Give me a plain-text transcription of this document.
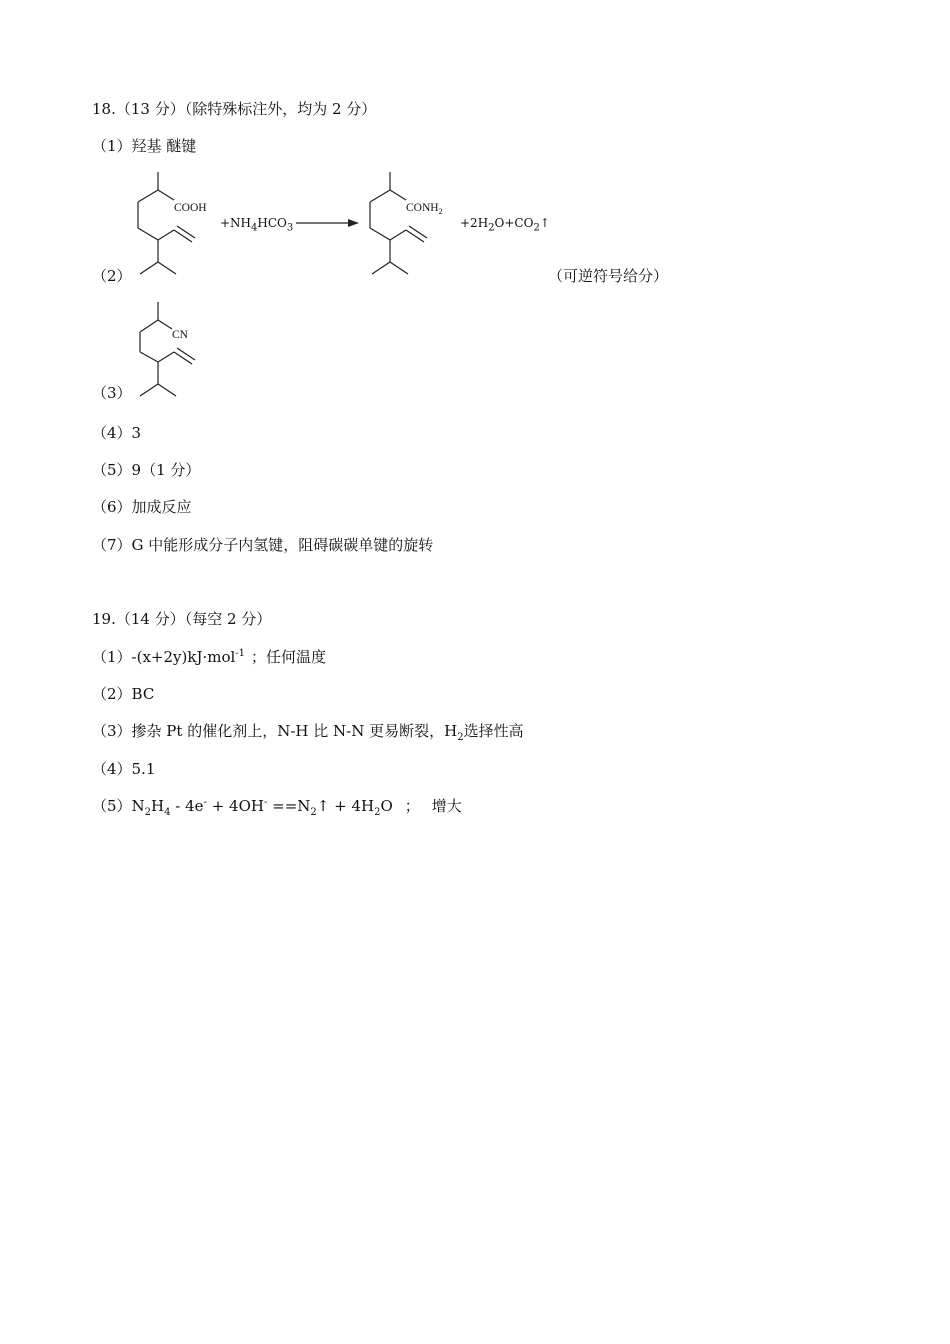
18.（13 分）（除特殊标注外，均为 2 分）
（1）羟基 醚键
（2）
COOH
$+NH_4HCO_3$
$CONH_2$
$+2H_2O+CO_2↑$
（可逆符号给分）
（3）
CN
（4）3
（5）9（1 分）
（6）加成反应
（7）G 中能形成分子内氢键，阻碍碳碳单键的旋转
19.（14 分）（每空 2 分）
（1）-(x+2y)kJ·mol$^{-1}$ ；任何温度
（2）BC
（3）掺杂 Pt 的催化剂上，N-H 比 N-N 更易断裂，$H_2$选择性高
（4）5.1
$(5)N_2H_4 - 4e^- + 4OH^-$ $==N_2↑ + 4H_2O$ ； 增大
